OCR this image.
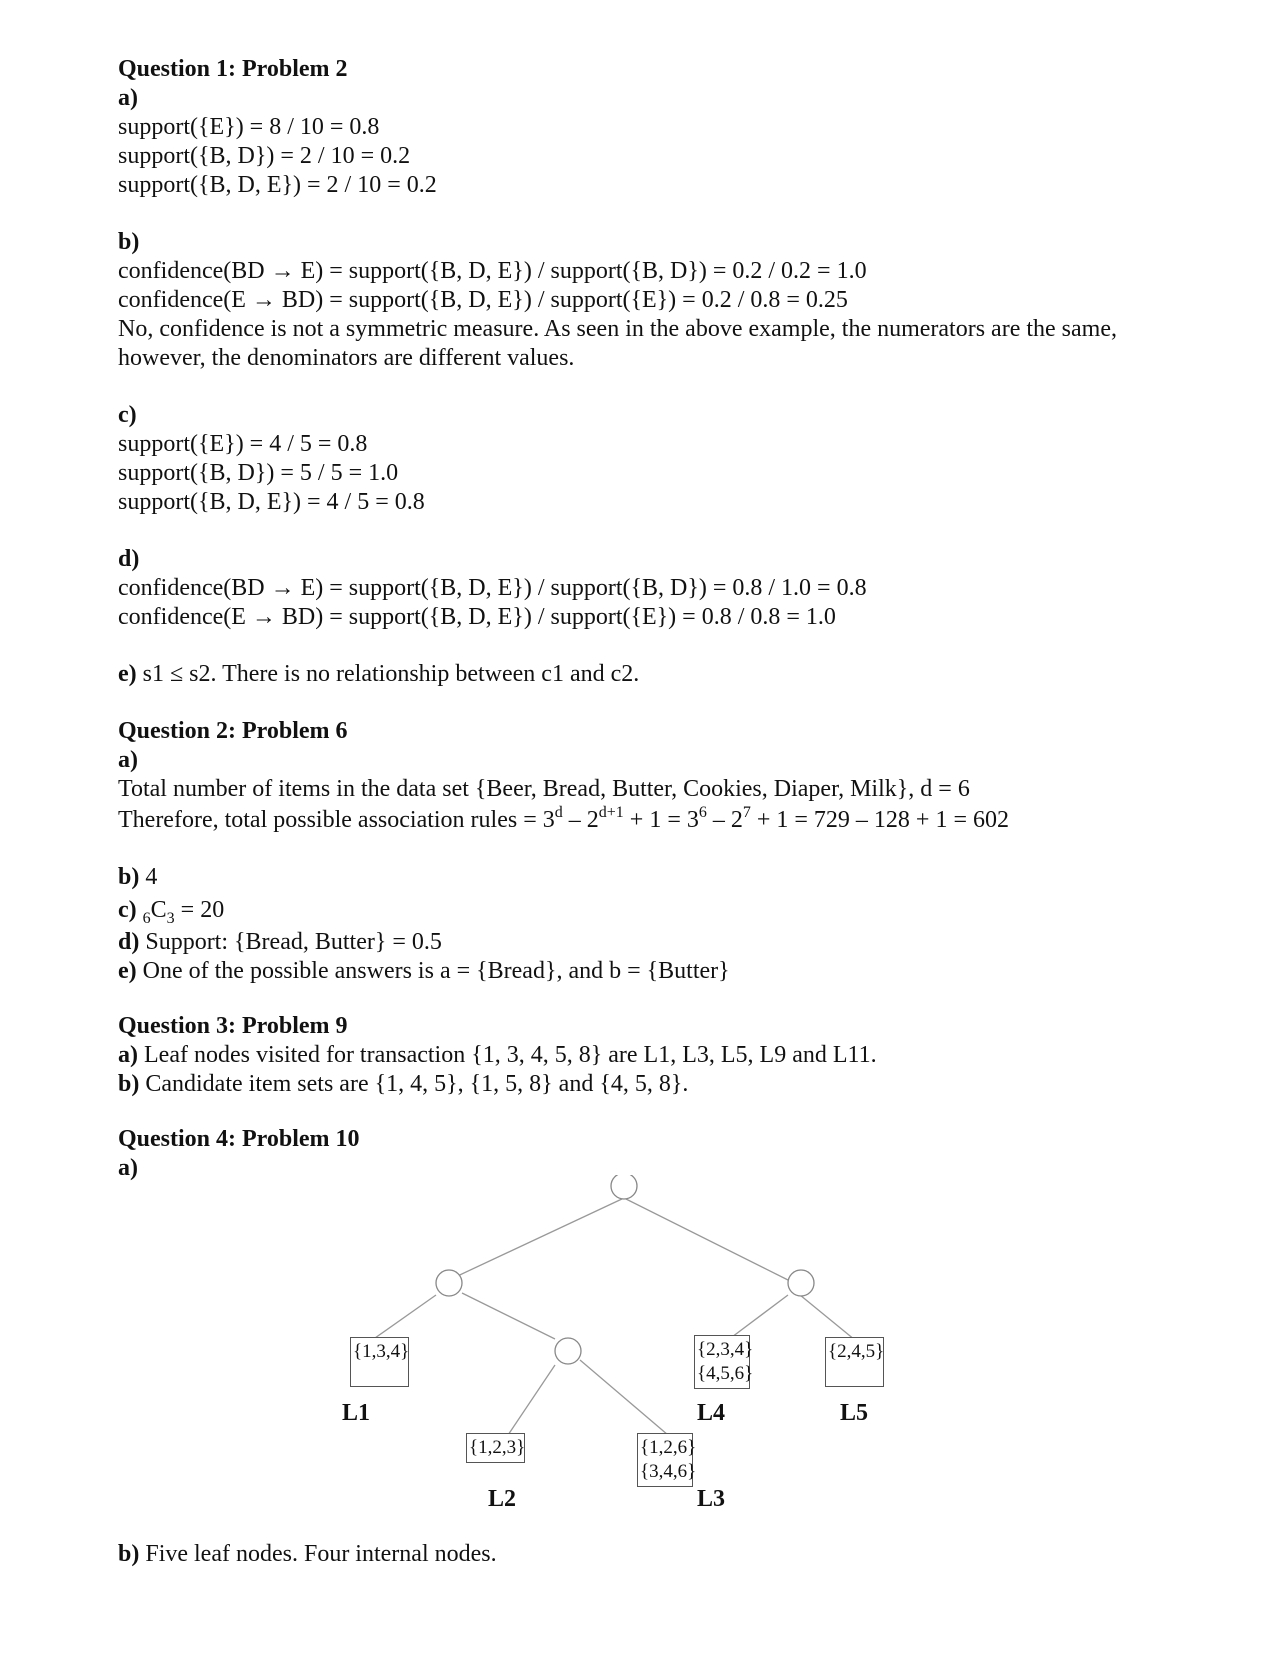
Question 1: Problem 2
a)
support({E}) = 8 / 10 = 0.8
support({B, D}) = 2 / 10 = 0.2
support({B, D, E}) = 2 / 10 = 0.2
b)
confidence(BD → E) = support({B, D, E}) / support({B, D}) = 0.2 / 0.2 = 1.0
confidence(E → BD) = support({B, D, E}) / support({E}) = 0.2 / 0.8 = 0.25
No, confidence is not a symmetric measure. As seen in the above example, the numerators are the same, however, the denominators are different values.
c)
support({E}) = 4 / 5 = 0.8
support({B, D}) = 5 / 5 = 1.0
support({B, D, E}) = 4 / 5 = 0.8
d)
confidence(BD → E) = support({B, D, E}) / support({B, D}) = 0.8 / 1.0 = 0.8
confidence(E → BD) = support({B, D, E}) / support({E}) = 0.8 / 0.8 = 1.0
e) s1 ≤ s2. There is no relationship between c1 and c2.
Question 2: Problem 6
a)
Total number of items in the data set {Beer, Bread, Butter, Cookies, Diaper, Milk}, d = 6
Therefore, total possible association rules = $3^d - 2^{d+1} + 1 = 3^6 - 2^7 + 1 = 729 - 128 + 1 = 602$
b) 4
c) $_6C_3 = 20$
d) Support: {Bread, Butter} = 0.5
e) One of the possible answers is a = {Bread}, and b = {Butter}
Question 3: Problem 9
a) Leaf nodes visited for transaction {1, 3, 4, 5, 8} are L1, L3, L5, L9 and L11.
b) Candidate item sets are {1, 4, 5}, {1, 5, 8} and {4, 5, 8}.
Question 4: Problem 10
a)
{1,3,4}
{1,2,3}	{1,2,6}
{3,4,6}
{2,3,4}
{4,5,6}
{2,4,5}
L1
L2	L3
L4	L5
b) Five leaf nodes. Four internal nodes.
